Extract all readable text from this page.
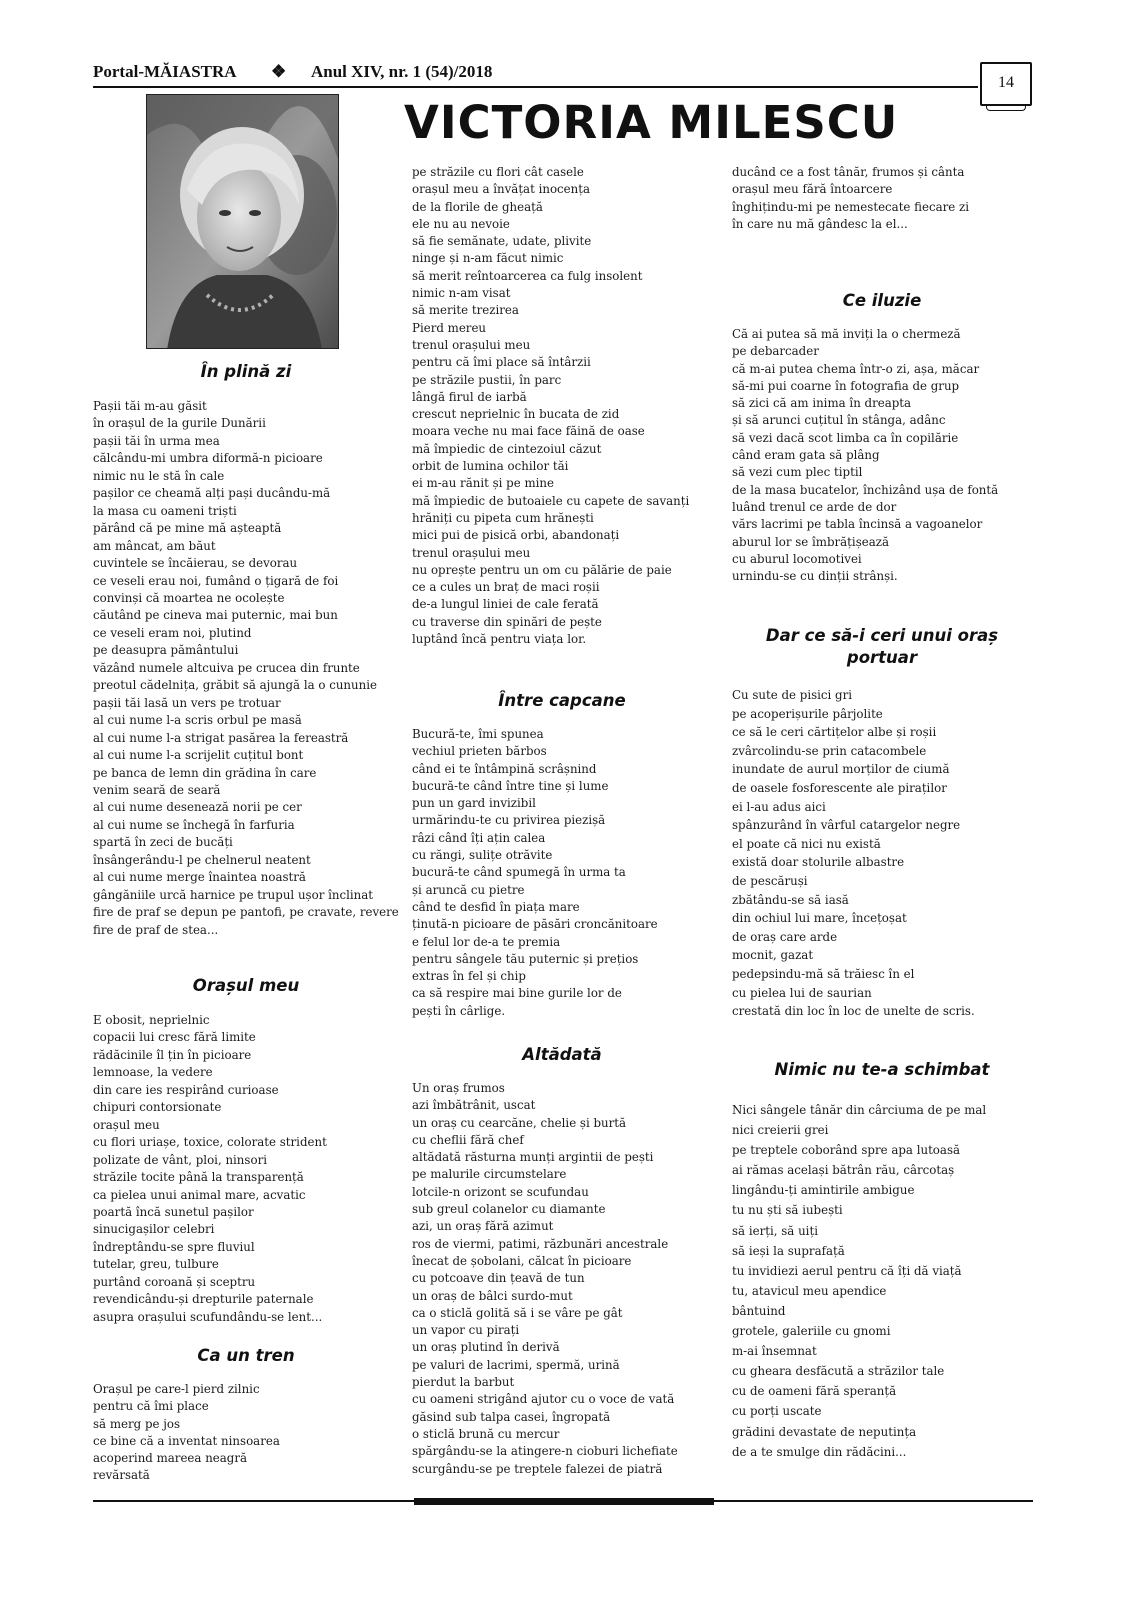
Portal-MĂIASTRA ❖ Anul XIV, nr. 1 (54)/2018
14
VICTORIA MILESCU
În plină zi
Pașii tăi m-au găsit
în orașul de la gurile Dunării
pașii tăi în urma mea
călcându-mi umbra diformă-n picioare
nimic nu le stă în cale
pașilor ce cheamă alți pași ducându-mă
la masa cu oameni triști
părând că pe mine mă așteaptă
am mâncat, am băut
cuvintele se încăierau, se devorau
ce veseli erau noi, fumând o țigară de foi
convinși că moartea ne ocolește
căutând pe cineva mai puternic, mai bun
ce veseli eram noi, plutind
pe deasupra pământului
văzând numele altcuiva pe crucea din frunte
preotul cădelnița, grăbit să ajungă la o cununie
pașii tăi lasă un vers pe trotuar
al cui nume l-a scris orbul pe masă
al cui nume l-a strigat pasărea la fereastră
al cui nume l-a scrijelit cuțitul bont
pe banca de lemn din grădina în care
venim seară de seară
al cui nume desenează norii pe cer
al cui nume se închegă în farfuria
spartă în zeci de bucăți
însângerându-l pe chelnerul neatent
al cui nume merge înaintea noastră
gângăniile urcă harnice pe trupul ușor înclinat
fire de praf se depun pe pantofi, pe cravate, revere
fire de praf de stea...
Orașul meu
E obosit, neprielnic
copacii lui cresc fără limite
rădăcinile îl țin în picioare
lemnoase, la vedere
din care ies respirând curioase
chipuri contorsionate
orașul meu
cu flori uriașe, toxice, colorate strident
polizate de vânt, ploi, ninsori
străzile tocite până la transparență
ca pielea unui animal mare, acvatic
poartă încă sunetul pașilor
sinucigașilor celebri
îndreptându-se spre fluviul
tutelar, greu, tulbure
purtând coroană și sceptru
revendicându-și drepturile paternale
asupra orașului scufundându-se lent...
Ca un tren
Orașul pe care-l pierd zilnic
pentru că îmi place
să merg pe jos
ce bine că a inventat ninsoarea
acoperind mareea neagră
revărsată
pe străzile cu flori cât casele
orașul meu a învățat inocența
de la florile de gheață
ele nu au nevoie
să fie semănate, udate, plivite
ninge și n-am făcut nimic
să merit reîntoarcerea ca fulg insolent
nimic n-am visat
să merite trezirea
Pierd mereu
trenul orașului meu
pentru că îmi place să întârzii
pe străzile pustii, în parc
lângă firul de iarbă
crescut neprielnic în bucata de zid
moara veche nu mai face făină de oase
mă împiedic de cintezoiul căzut
orbit de lumina ochilor tăi
ei m-au rănit și pe mine
mă împiedic de butoaiele cu capete de savanți
hrăniți cu pipeta cum hrănești
mici pui de pisică orbi, abandonați
trenul orașului meu
nu oprește pentru un om cu pălărie de paie
ce a cules un braț de maci roșii
de-a lungul liniei de cale ferată
cu traverse din spinări de pește
luptând încă pentru viața lor.
Între capcane
Bucură-te, îmi spunea
vechiul prieten bărbos
când ei te întâmpină scrâșnind
bucură-te când între tine și lume
pun un gard invizibil
urmărindu-te cu privirea piezișă
râzi când îți ațin calea
cu răngi, sulițe otrăvite
bucură-te când spumegă în urma ta
și aruncă cu pietre
când te desfid în piața mare
ținută-n picioare de păsări croncănitoare
e felul lor de-a te premia
pentru sângele tău puternic și prețios
extras în fel și chip
ca să respire mai bine gurile lor de
pești în cârlige.
Altădată
Un oraș frumos
azi îmbătrânit, uscat
un oraș cu cearcăne, chelie și burtă
cu cheflii fără chef
altădată răsturna munți argintii de pești
pe malurile circumstelare
lotcile-n orizont se scufundau
sub greul colanelor cu diamante
azi, un oraș fără azimut
ros de viermi, patimi, răzbunări ancestrale
înecat de șobolani, călcat în picioare
cu potcoave din țeavă de tun
un oraș de bâlci surdo-mut
ca o sticlă golită să i se vâre pe gât
un vapor cu pirați
un oraș plutind în derivă
pe valuri de lacrimi, spermă, urină
pierdut la barbut
cu oameni strigând ajutor cu o voce de vată
găsind sub talpa casei, îngropată
o sticlă brună cu mercur
spărgându-se la atingere-n cioburi lichefiate
scurgându-se pe treptele falezei de piatră
ducând ce a fost tânăr, frumos și cânta
orașul meu fără întoarcere
înghițindu-mi pe nemestecate fiecare zi
în care nu mă gândesc la el...
Ce iluzie
Că ai putea să mă inviți la o chermeză
pe debarcader
că m-ai putea chema într-o zi, așa, măcar
să-mi pui coarne în fotografia de grup
să zici că am inima în dreapta
și să arunci cuțitul în stânga, adânc
să vezi dacă scot limba ca în copilărie
când eram gata să plâng
să vezi cum plec tiptil
de la masa bucatelor, închizând ușa de fontă
luând trenul ce arde de dor
vărs lacrimi pe tabla încinsă a vagoanelor
aburul lor se îmbrățișează
cu aburul locomotivei
urnindu-se cu dinții strânși.
Dar ce să-i ceri unui oraș
portuar
Cu sute de pisici gri
pe acoperișurile pârjolite
ce să le ceri cărtițelor albe și roșii
zvârcolindu-se prin catacombele
inundate de aurul morților de ciumă
de oasele fosforescente ale piraților
ei l-au adus aici
spânzurând în vârful catargelor negre
el poate că nici nu există
există doar stolurile albastre
de pescăruși
zbătându-se să iasă
din ochiul lui mare, încețoșat
de oraș care arde
mocnit, gazat
pedepsindu-mă să trăiesc în el
cu pielea lui de saurian
crestată din loc în loc de unelte de scris.
Nimic nu te-a schimbat
Nici sângele tânăr din cârciuma de pe mal
nici creierii grei
pe treptele coborând spre apa lutoasă
ai rămas același bătrân rău, cârcotaș
lingându-ți amintirile ambigue
tu nu ști să iubești
să ierți, să uiți
să ieși la suprafață
tu invidiezi aerul pentru că îți dă viață
tu, atavicul meu apendice
bântuind
grotele, galeriile cu gnomi
m-ai însemnat
cu gheara desfăcută a străzilor tale
cu de oameni fără speranță
cu porți uscate
grădini devastate de neputința
de a te smulge din rădăcini...
